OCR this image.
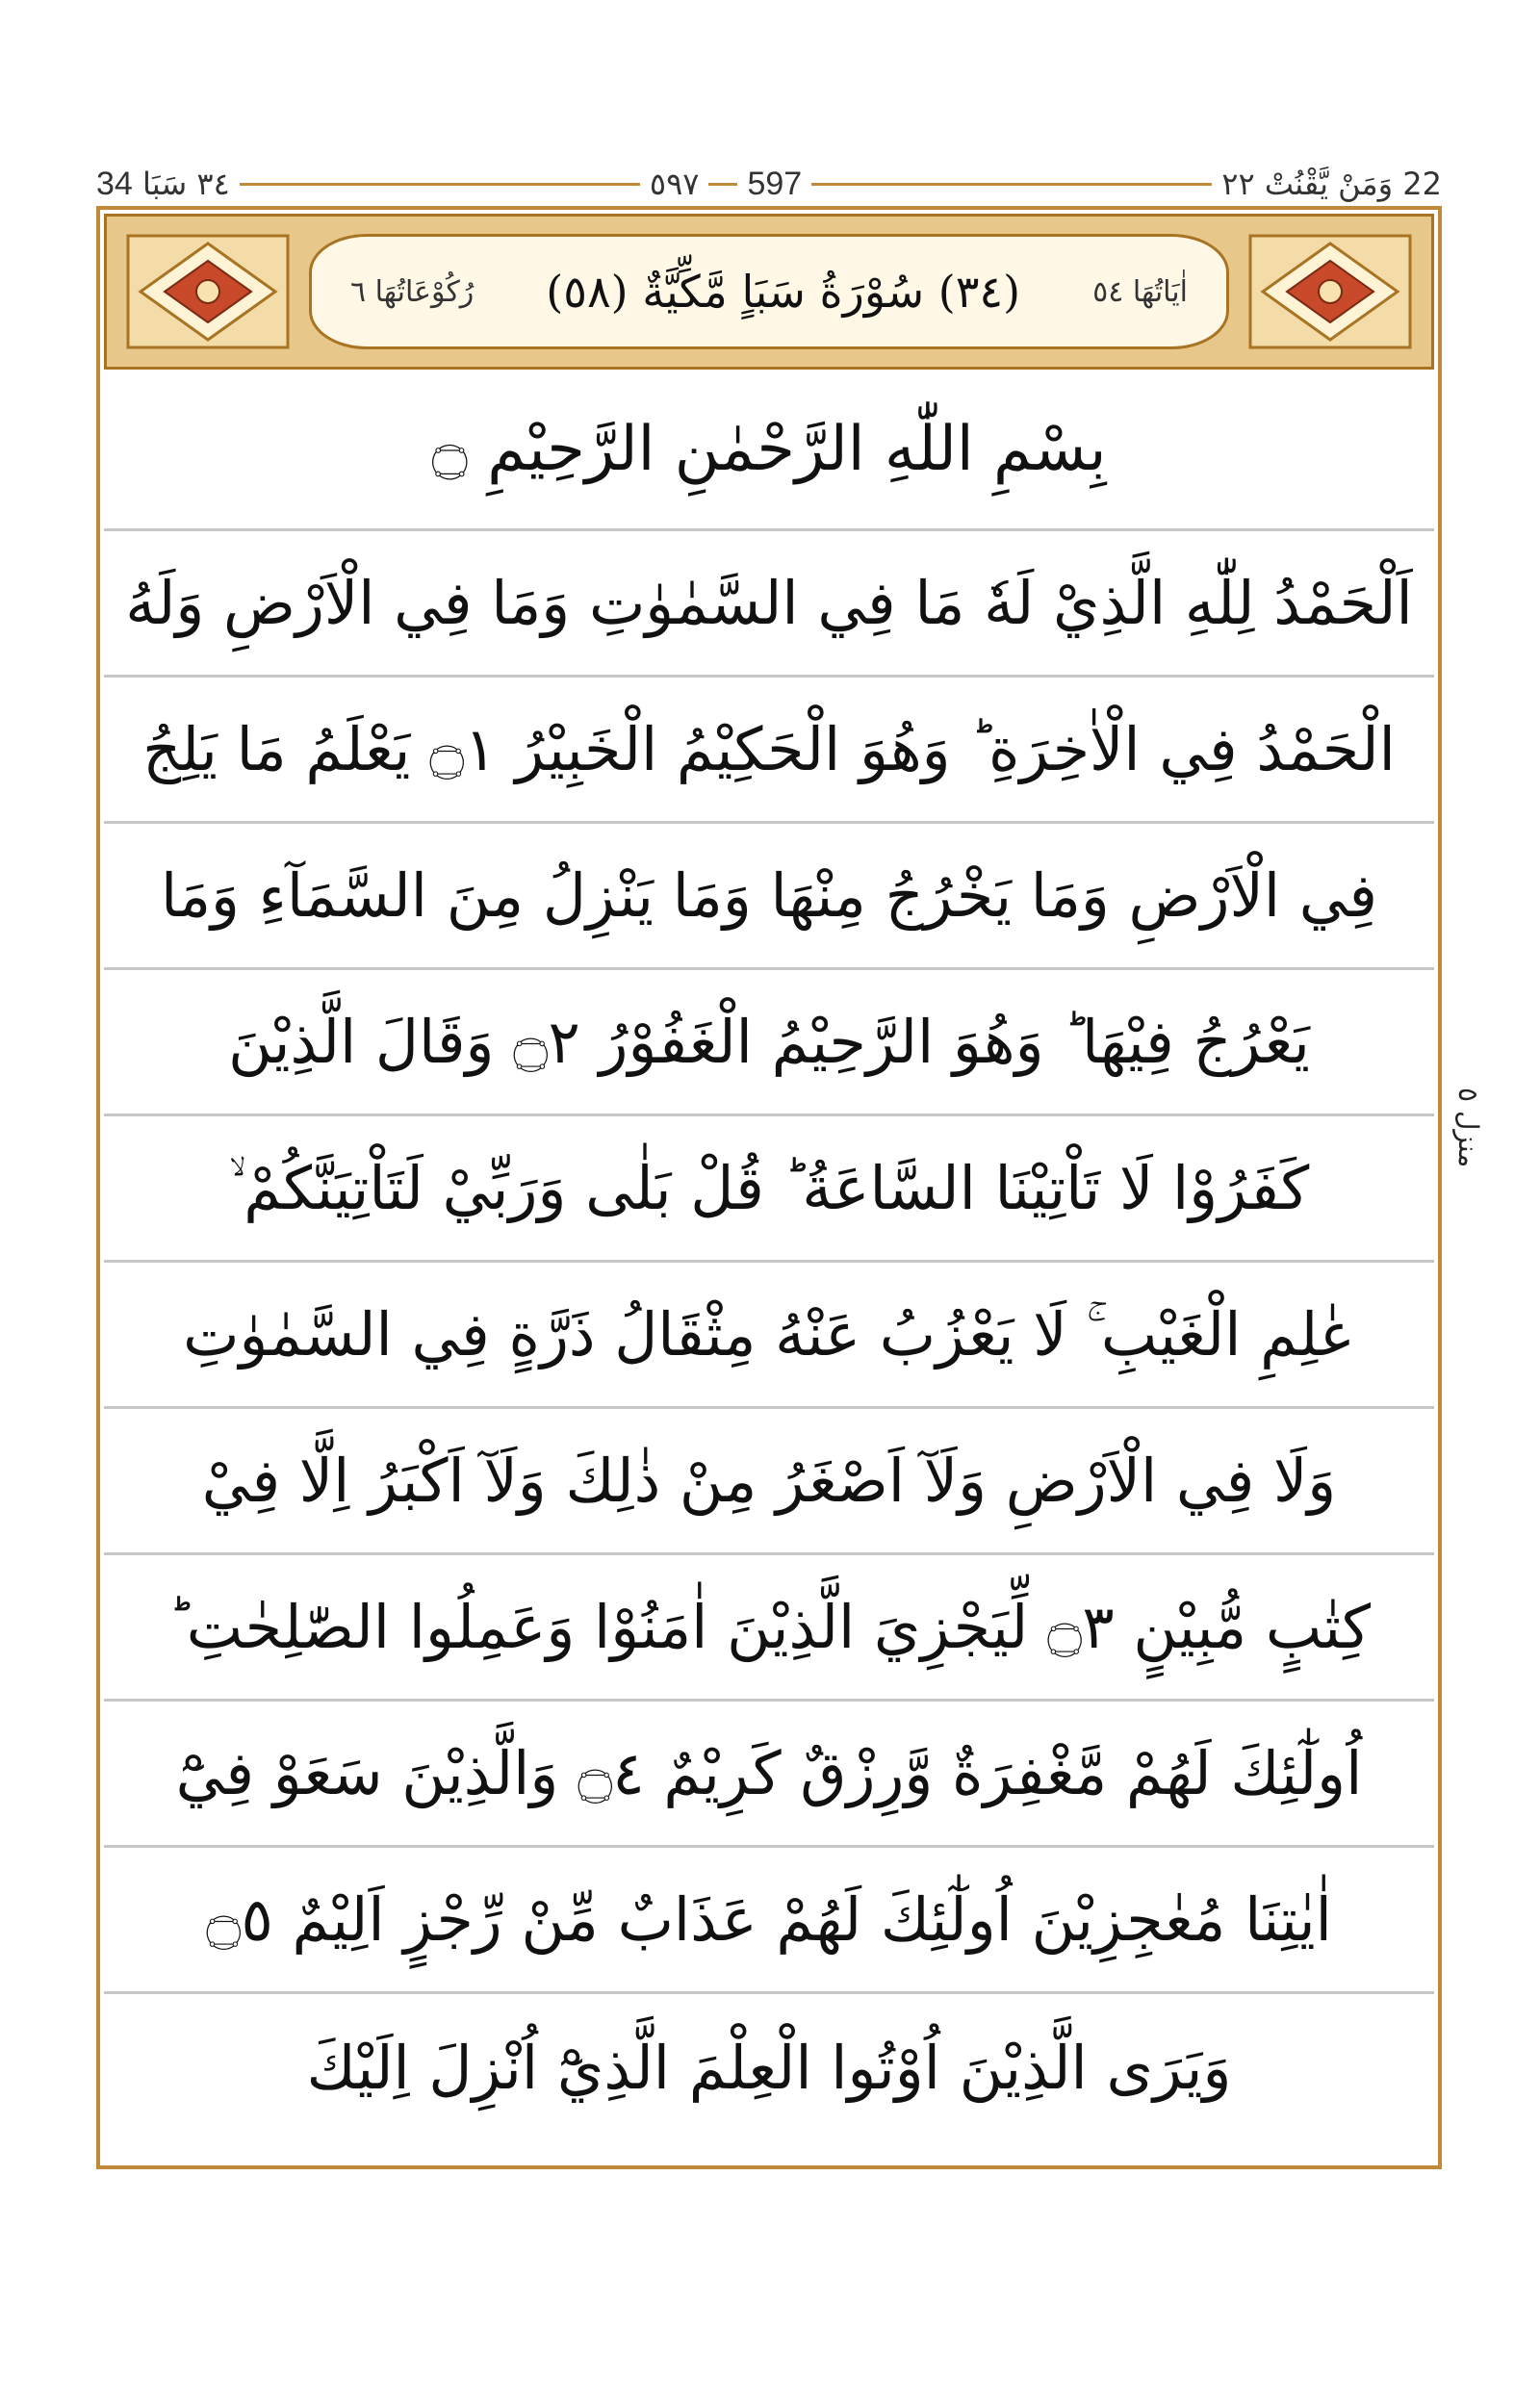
٣٤ سَبَا 34	٥٩٧ 597	22 وَمَنْ يَّقْنُتْ ٢٢
رُكُوْعَاتُهَا ٦ (٣٤) سُوْرَةُ سَبَاٍ مَّكِّيَّةٌ (٥٨)	اٰیَاتُهَا ٥٤
بِسْمِ اللّٰهِ الرَّحْمٰنِ الرَّحِيْمِ ۝
اَلْحَمْدُ لِلّٰهِ الَّذِيْ لَهٗ مَا فِي السَّمٰوٰتِ وَمَا فِي الْاَرْضِ وَلَهُ
الْحَمْدُ فِي الْاٰخِرَةِ ؕ وَهُوَ الْحَكِيْمُ الْخَبِيْرُ ۝١ يَعْلَمُ مَا يَلِجُ
فِي الْاَرْضِ وَمَا يَخْرُجُ مِنْهَا وَمَا يَنْزِلُ مِنَ السَّمَآءِ وَمَا
يَعْرُجُ فِيْهَا ؕ وَهُوَ الرَّحِيْمُ الْغَفُوْرُ ۝٢ وَقَالَ الَّذِيْنَ
كَفَرُوْا لَا تَاْتِيْنَا السَّاعَةُ ؕ قُلْ بَلٰى وَرَبِّيْ لَتَاْتِيَنَّكُمْ ۙ
عٰلِمِ الْغَيْبِ ۚ لَا يَعْزُبُ عَنْهُ مِثْقَالُ ذَرَّةٍ فِي السَّمٰوٰتِ
وَلَا فِي الْاَرْضِ وَلَآ اَصْغَرُ مِنْ ذٰلِكَ وَلَآ اَكْبَرُ اِلَّا فِيْ
كِتٰبٍ مُّبِيْنٍ ۝٣ لِّيَجْزِيَ الَّذِيْنَ اٰمَنُوْا وَعَمِلُوا الصّٰلِحٰتِ ؕ
اُولٰٓئِكَ لَهُمْ مَّغْفِرَةٌ وَّرِزْقٌ كَرِيْمٌ ۝٤ وَالَّذِيْنَ سَعَوْ فِيْٓ
اٰيٰتِنَا مُعٰجِزِيْنَ اُولٰٓئِكَ لَهُمْ عَذَابٌ مِّنْ رِّجْزٍ اَلِيْمٌ ۝٥
وَيَرَى الَّذِيْنَ اُوْتُوا الْعِلْمَ الَّذِيْٓ اُنْزِلَ اِلَيْكَ
منزل ٥
